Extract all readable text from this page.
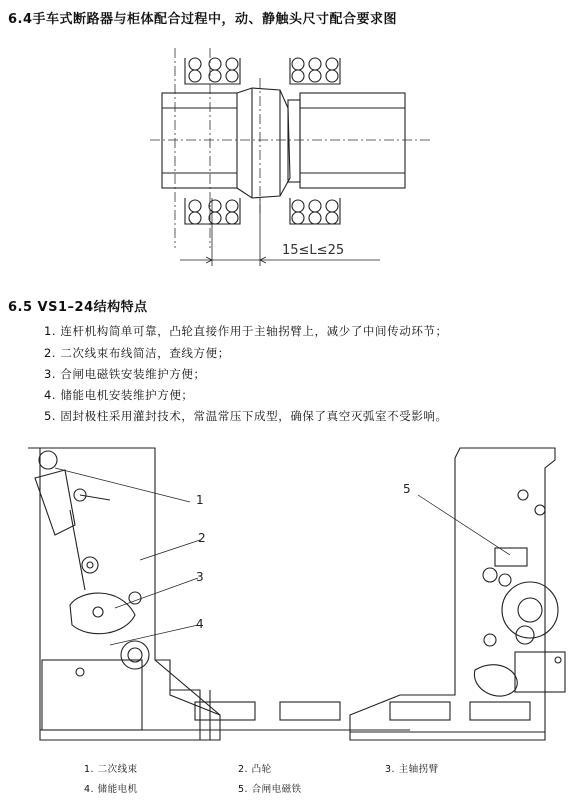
6.4手车式断路器与柜体配合过程中，动、静触头尺寸配合要求图
15≤L≤25
6.5 VS1–24结构特点
1. 连杆机构简单可靠，凸轮直接作用于主轴拐臂上，减少了中间传动环节；
2. 二次线束布线简洁，查线方便；
3. 合闸电磁铁安装维护方便；
4. 储能电机安装维护方便；
5. 固封极柱采用灌封技术，常温常压下成型，确保了真空灭弧室不受影响。
1
2
3
4
5
1. 二次线束	2. 凸轮	3. 主轴拐臂
4. 储能电机	5. 合闸电磁铁
